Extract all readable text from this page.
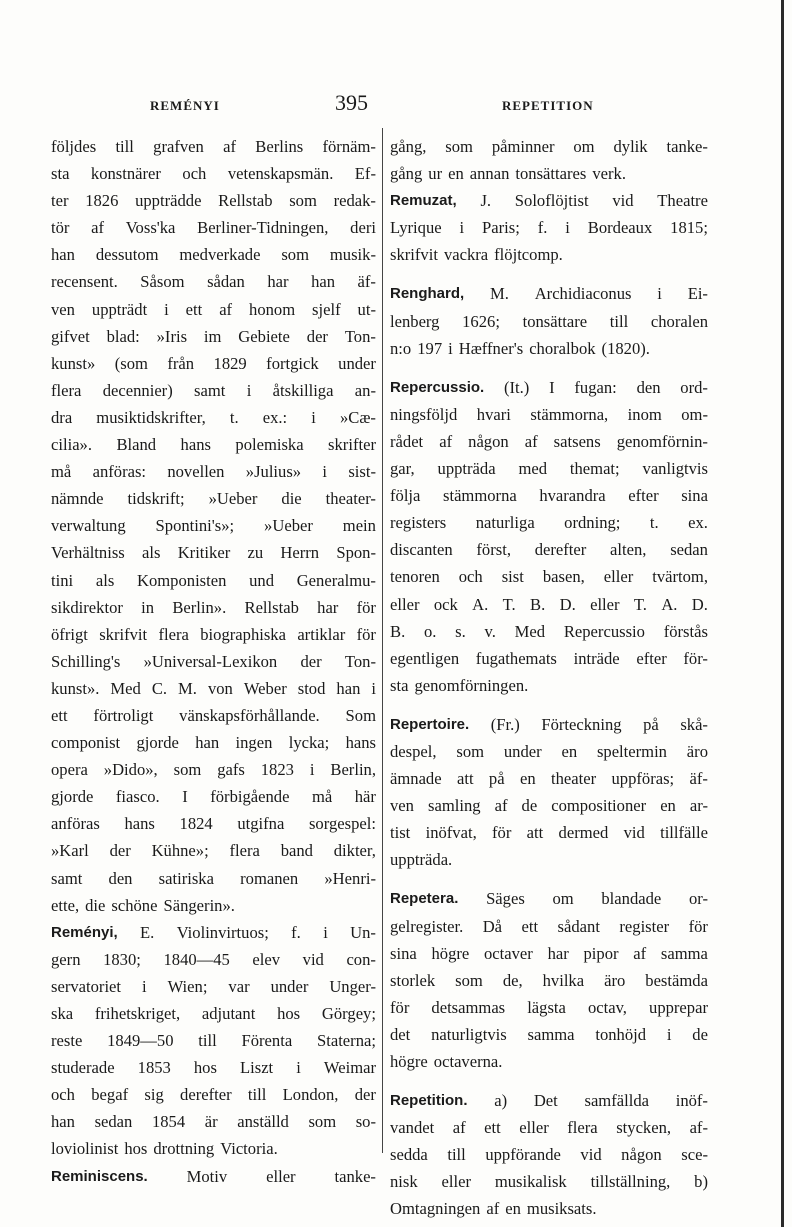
REMÉNYI	395	REPETITION
följdes till grafven af Berlins förnäm-
sta konstnärer och vetenskapsmän. Ef-
ter 1826 uppträdde Rellstab som redak-
tör af Voss'ka Berliner-Tidningen, deri
han dessutom medverkade som musik-
recensent. Såsom sådan har han äf-
ven uppträdt i ett af honom sjelf ut-
gifvet blad: »Iris im Gebiete der Ton-
kunst» (som från 1829 fortgick under
flera decennier) samt i åtskilliga an-
dra musiktidskrifter, t. ex.: i »Cæ-
cilia». Bland hans polemiska skrifter
må anföras: novellen »Julius» i sist-
nämnde tidskrift; »Ueber die theater-
verwaltung Spontini's»; »Ueber mein
Verhältniss als Kritiker zu Herrn Spon-
tini als Komponisten und Generalmu-
sikdirektor in Berlin». Rellstab har för
öfrigt skrifvit flera biographiska artiklar för
Schilling's »Universal-Lexikon der Ton-
kunst». Med C. M. von Weber stod han i
ett förtroligt vänskapsförhållande. Som
componist gjorde han ingen lycka; hans
opera »Dido», som gafs 1823 i Berlin,
gjorde fiasco. I förbigående må här
anföras hans 1824 utgifna sorgespel:
»Karl der Kühne»; flera band dikter,
samt den satiriska romanen »Henri-
ette, die schöne Sängerin».
Reményi, E. Violinvirtuos; f. i Un-
gern 1830; 1840—45 elev vid con-
servatoriet i Wien; var under Unger-
ska frihetskriget, adjutant hos Görgey;
reste 1849—50 till Förenta Staterna;
studerade 1853 hos Liszt i Weimar
och begaf sig derefter till London, der
han sedan 1854 är anställd som so-
loviolinist hos drottning Victoria.
Reminiscens. Motiv eller tanke-
gång, som påminner om dylik tanke-
gång ur en annan tonsättares verk.
Remuzat, J. Soloflöjtist vid Theatre
Lyrique i Paris; f. i Bordeaux 1815;
skrifvit vackra flöjtcomp.
Renghard, M. Archidiaconus i Ei-
lenberg 1626; tonsättare till choralen
n:o 197 i Hæffner's choralbok (1820).
Repercussio. (It.) I fugan: den ord-
ningsföljd hvari stämmorna, inom om-
rådet af någon af satsens genomförnin-
gar, uppträda med themat; vanligtvis
följa stämmorna hvarandra efter sina
registers naturliga ordning; t. ex.
discanten först, derefter alten, sedan
tenoren och sist basen, eller tvärtom,
eller ock A. T. B. D. eller T. A. D.
B. o. s. v. Med Repercussio förstås
egentligen fugathemats inträde efter för-
sta genomförningen.
Repertoire. (Fr.) Förteckning på skå-
despel, som under en speltermin äro
ämnade att på en theater uppföras; äf-
ven samling af de compositioner en ar-
tist inöfvat, för att dermed vid tillfälle
uppträda.
Repetera. Säges om blandade or-
gelregister. Då ett sådant register för
sina högre octaver har pipor af samma
storlek som de, hvilka äro bestämda
för detsammas lägsta octav, upprepar
det naturligtvis samma tonhöjd i de
högre octaverna.
Repetition. a) Det samfällda inöf-
vandet af ett eller flera stycken, af-
sedda till uppförande vid någon sce-
nisk eller musikalisk tillställning, b)
Omtagningen af en musiksats.
